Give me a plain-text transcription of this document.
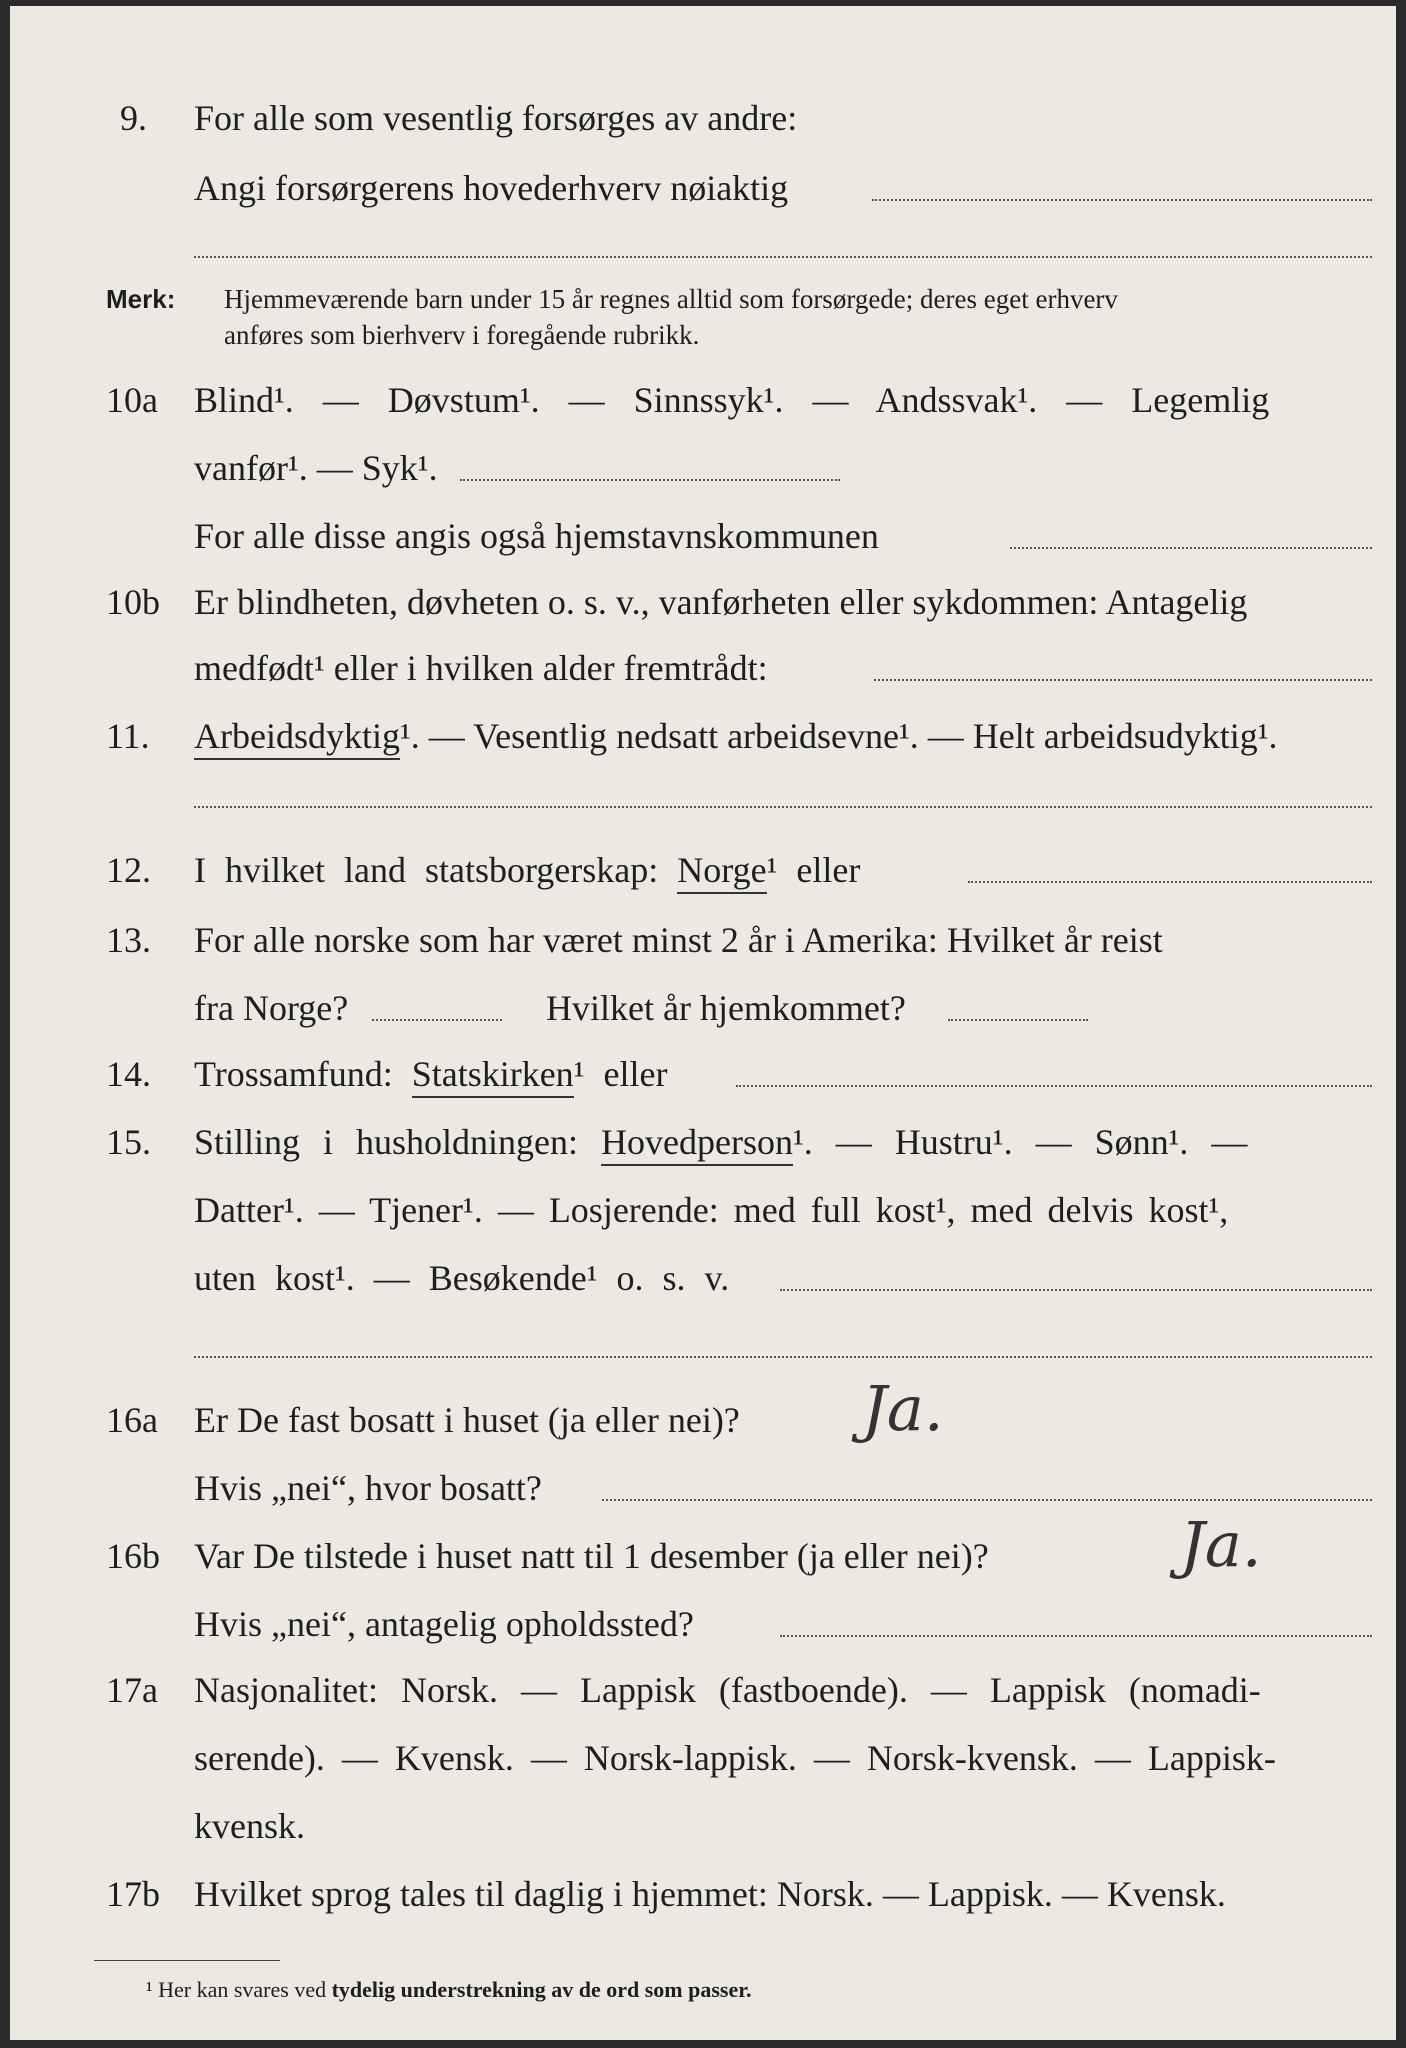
9. For alle som vesentlig forsørges av andre:
Angi forsørgerens hovederhverv nøiaktig
Merk: Hjemmeværende barn under 15 år regnes alltid som forsørgede; deres eget erhverv
anføres som bierhverv i foregående rubrikk.
10a Blind¹. — Døvstum¹. — Sinnssyk¹. — Andssvak¹. — Legemlig
vanfør¹. — Syk¹.
For alle disse angis også hjemstavnskommunen
10b Er blindheten, døvheten o. s. v., vanførheten eller sykdommen: Antagelig
medfødt¹ eller i hvilken alder fremtrådt:
11. Arbeidsdyktig¹. — Vesentlig nedsatt arbeidsevne¹. — Helt arbeidsudyktig¹.
12. I hvilket land statsborgerskap: Norge¹ eller
13. For alle norske som har været minst 2 år i Amerika: Hvilket år reist
fra Norge?	Hvilket år hjemkommet?
14. Trossamfund: Statskirken¹ eller
15. Stilling i husholdningen: Hovedperson¹. — Hustru¹. — Sønn¹. —
Datter¹. — Tjener¹. — Losjerende: med full kost¹, med delvis kost¹,
uten kost¹. — Besøkende¹ o. s. v.
16a Er De fast bosatt i huset (ja eller nei)? Ja.
Hvis „nei“, hvor bosatt?
16b Var De tilstede i huset natt til 1 desember (ja eller nei)?	Ja.
Hvis „nei“, antagelig opholdssted?
17a Nasjonalitet: Norsk. — Lappisk (fastboende). — Lappisk (nomadi-
serende). — Kvensk. — Norsk-lappisk. — Norsk-kvensk. — Lappisk-
kvensk.
17b Hvilket sprog tales til daglig i hjemmet: Norsk. — Lappisk. — Kvensk.
¹ Her kan svares ved tydelig understrekning av de ord som passer.
